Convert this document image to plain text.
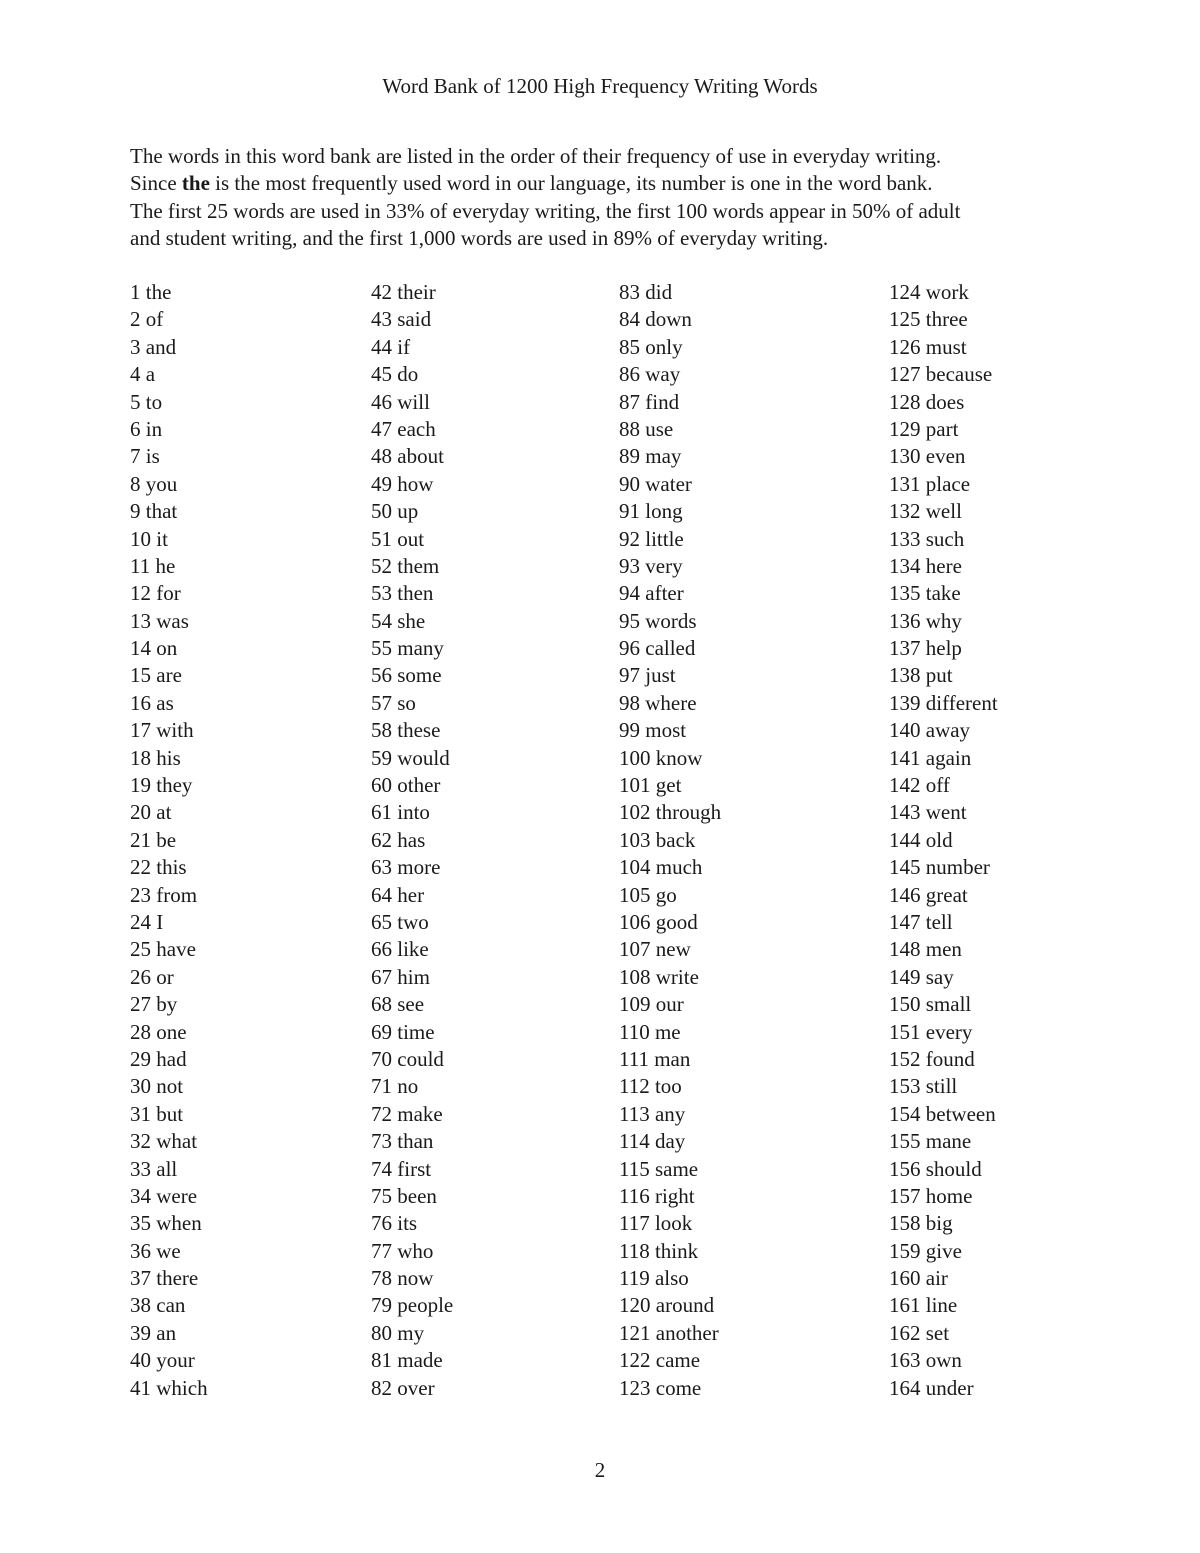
Word Bank of 1200 High Frequency Writing Words

The words in this word bank are listed in the order of their frequency of use in everyday writing.

Since the is the most frequently used word in our language, its number is one in the word bank.

The first 25 words are used in 33% of everyday writing, the first 100 words appear in 50% of adult

and student writing, and the first 1,000 words are used in 89% of everyday writing.

1 the
2 of
3 and
4 a
5 to
6 in
7 is
8 you
9 that
10 it
11 he
12 for
13 was
14 on
15 are
16 as
17 with
18 his
19 they
20 at
21 be
22 this
23 from
24 I
25 have
26 or
27 by
28 one
29 had
30 not
31 but
32 what
33 all
34 were
35 when
36 we
37 there
38 can
39 an
40 your
41 which
42 their
43 said
44 if
45 do
46 will
47 each
48 about
49 how
50 up
51 out
52 them
53 then
54 she
55 many
56 some
57 so
58 these
59 would
60 other
61 into
62 has
63 more
64 her
65 two
66 like
67 him
68 see
69 time
70 could
71 no
72 make
73 than
74 first
75 been
76 its
77 who
78 now
79 people
80 my
81 made
82 over
83 did
84 down
85 only
86 way
87 find
88 use
89 may
90 water
91 long
92 little
93 very
94 after
95 words
96 called
97 just
98 where
99 most
100 know
101 get
102 through
103 back
104 much
105 go
106 good
107 new
108 write
109 our
110 me
111 man
112 too
113 any
114 day
115 same
116 right
117 look
118 think
119 also
120 around
121 another
122 came
123 come
124 work
125 three
126 must
127 because
128 does
129 part
130 even
131 place
132 well
133 such
134 here
135 take
136 why
137 help
138 put
139 different
140 away
141 again
142 off
143 went
144 old
145 number
146 great
147 tell
148 men
149 say
150 small
151 every
152 found
153 still
154 between
155 mane
156 should
157 home
158 big
159 give
160 air
161 line
162 set
163 own
164 under
2
